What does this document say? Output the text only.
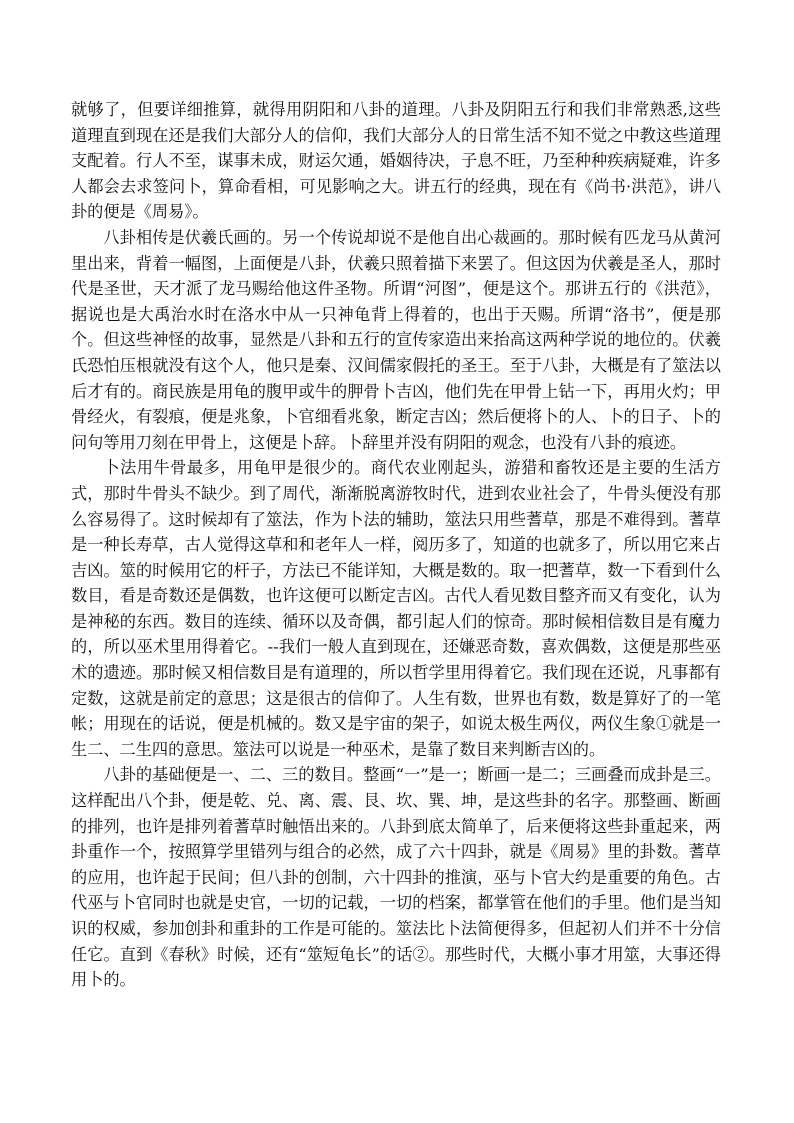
就够了，但要详细推算，就得用阴阳和八卦的道理。八卦及阴阳五行和我们非常熟悉,这些道理直到现在还是我们大部分人的信仰，我们大部分人的日常生活不知不觉之中教这些道理支配着。行人不至，谋事未成，财运欠通，婚姻待决，子息不旺，乃至种种疾病疑难，许多人都会去求签问卜，算命看相，可见影响之大。讲五行的经典，现在有《尚书·洪范》，讲八卦的便是《周易》。

八卦相传是伏羲氏画的。另一个传说却说不是他自出心裁画的。那时候有匹龙马从黄河里出来，背着一幅图，上面便是八卦，伏羲只照着描下来罢了。但这因为伏羲是圣人，那时代是圣世，天才派了龙马赐给他这件圣物。所谓“河图”，便是这个。那讲五行的《洪范》，据说也是大禹治水时在洛水中从一只神龟背上得着的，也出于天赐。所谓“洛书”，便是那个。但这些神怪的故事，显然是八卦和五行的宣传家造出来抬高这两种学说的地位的。伏羲氏恐怕压根就没有这个人，他只是秦、汉间儒家假托的圣王。至于八卦，大概是有了筮法以后才有的。商民族是用龟的腹甲或牛的胛骨卜吉凶，他们先在甲骨上钻一下，再用火灼；甲骨经火，有裂痕，便是兆象，卜官细看兆象，断定吉凶；然后便将卜的人、卜的日子、卜的问句等用刀刻在甲骨上，这便是卜辞。卜辞里并没有阴阳的观念，也没有八卦的痕迹。

卜法用牛骨最多，用龟甲是很少的。商代农业刚起头，游猎和畜牧还是主要的生活方式，那时牛骨头不缺少。到了周代，渐渐脱离游牧时代，进到农业社会了，牛骨头便没有那么容易得了。这时候却有了筮法，作为卜法的辅助，筮法只用些蓍草，那是不难得到。蓍草是一种长寿草，古人觉得这草和和老年人一样，阅历多了，知道的也就多了，所以用它来占吉凶。筮的时候用它的杆子，方法已不能详知，大概是数的。取一把蓍草，数一下看到什么数目，看是奇数还是偶数，也许这便可以断定吉凶。古代人看见数目整齐而又有变化，认为是神秘的东西。数目的连续、循环以及奇偶，都引起人们的惊奇。那时候相信数目是有魔力的，所以巫术里用得着它。--我们一般人直到现在，还嫌恶奇数，喜欢偶数，这便是那些巫术的遗迹。那时候又相信数目是有道理的，所以哲学里用得着它。我们现在还说，凡事都有定数，这就是前定的意思；这是很古的信仰了。人生有数，世界也有数，数是算好了的一笔帐；用现在的话说，便是机械的。数又是宇宙的架子，如说太极生两仪，两仪生象①就是一生二、二生四的意思。筮法可以说是一种巫术，是靠了数目来判断吉凶的。

八卦的基础便是一、二、三的数目。整画“一”是一；断画一是二；三画叠而成卦是三。这样配出八个卦，便是乾、兑、离、震、艮、坎、巽、坤，是这些卦的名字。那整画、断画的排列，也许是排列着蓍草时触悟出来的。八卦到底太简单了，后来便将这些卦重起来，两卦重作一个，按照算学里错列与组合的必然，成了六十四卦，就是《周易》里的卦数。蓍草的应用，也许起于民间；但八卦的创制，六十四卦的推演，巫与卜官大约是重要的角色。古代巫与卜官同时也就是史官，一切的记载，一切的档案，都掌管在他们的手里。他们是当知识的权威，参加创卦和重卦的工作是可能的。筮法比卜法简便得多，但起初人们并不十分信任它。直到《春秋》时候，还有“筮短龟长”的话②。那些时代，大概小事才用筮，大事还得用卜的。
